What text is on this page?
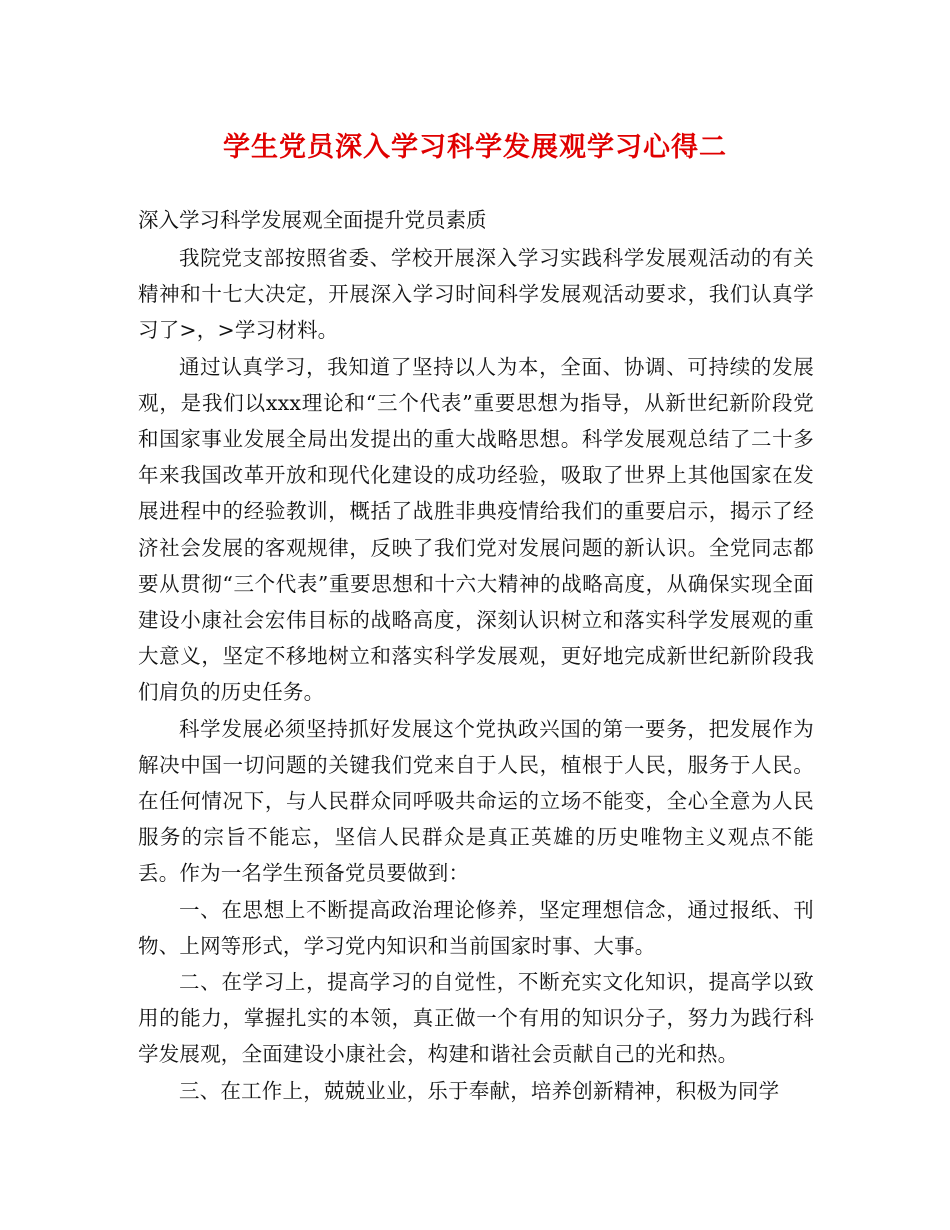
学生党员深入学习科学发展观学习心得二
深入学习科学发展观全面提升党员素质

我院党支部按照省委、学校开展深入学习实践科学发展观活动的有关精神和十七大决定，开展深入学习时间科学发展观活动要求，我们认真学习了>，>学习材料。

通过认真学习，我知道了坚持以人为本，全面、协调、可持续的发展观，是我们以xxx理论和“三个代表”重要思想为指导，从新世纪新阶段党和国家事业发展全局出发提出的重大战略思想。科学发展观总结了二十多年来我国改革开放和现代化建设的成功经验，吸取了世界上其他国家在发展进程中的经验教训，概括了战胜非典疫情给我们的重要启示，揭示了经济社会发展的客观规律，反映了我们党对发展问题的新认识。全党同志都要从贯彻“三个代表”重要思想和十六大精神的战略高度，从确保实现全面建设小康社会宏伟目标的战略高度，深刻认识树立和落实科学发展观的重大意义，坚定不移地树立和落实科学发展观，更好地完成新世纪新阶段我们肩负的历史任务。

科学发展必须坚持抓好发展这个党执政兴国的第一要务，把发展作为解决中国一切问题的关键我们党来自于人民，植根于人民，服务于人民。在任何情况下，与人民群众同呼吸共命运的立场不能变，全心全意为人民服务的宗旨不能忘，坚信人民群众是真正英雄的历史唯物主义观点不能丢。作为一名学生预备党员要做到：

一、在思想上不断提高政治理论修养，坚定理想信念，通过报纸、刊物、上网等形式，学习党内知识和当前国家时事、大事。

二、在学习上，提高学习的自觉性，不断充实文化知识，提高学以致用的能力，掌握扎实的本领，真正做一个有用的知识分子，努力为践行科学发展观，全面建设小康社会，构建和谐社会贡献自己的光和热。

三、在工作上，兢兢业业，乐于奉献，培养创新精神，积极为同学
